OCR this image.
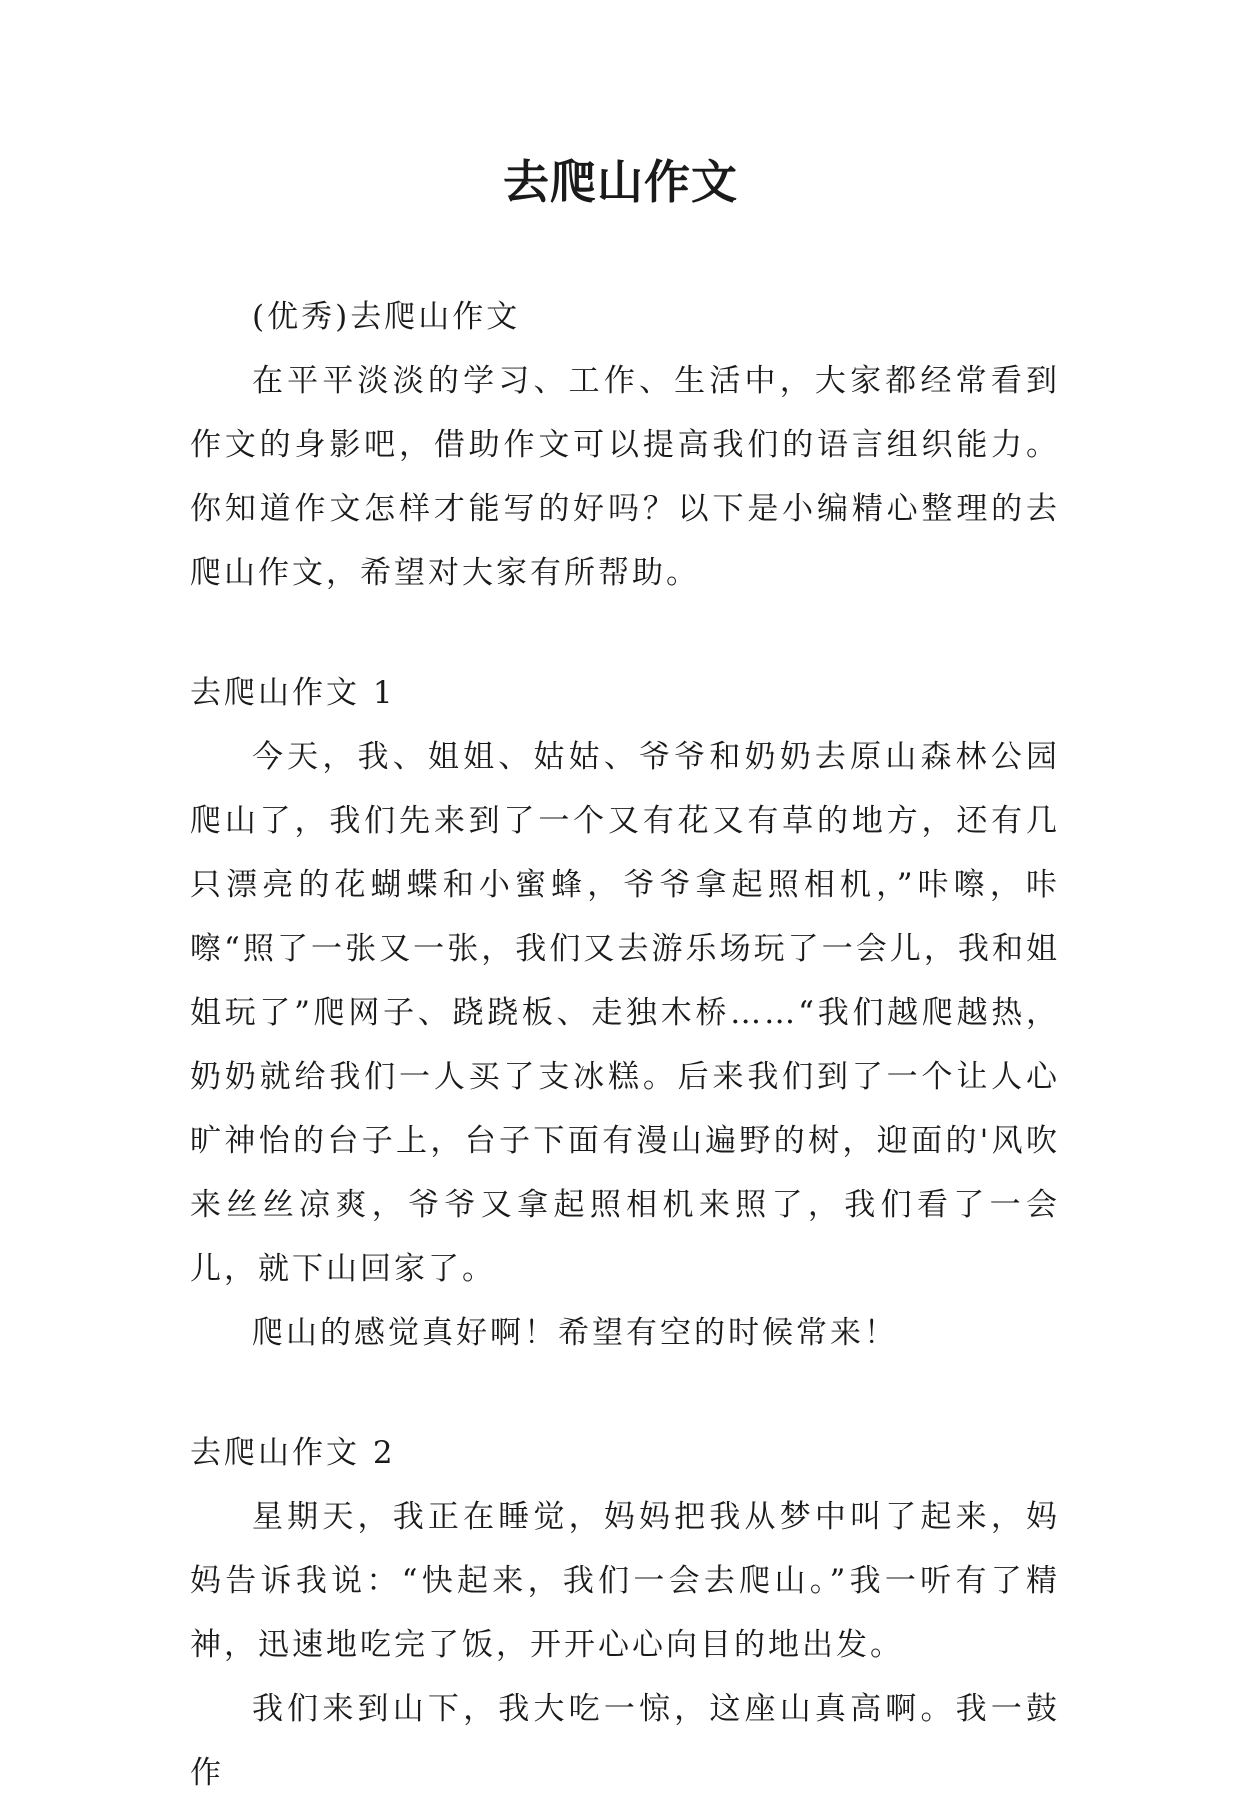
去爬山作文

(优秀)去爬山作文

在平平淡淡的学习、工作、生活中，大家都经常看到作文的身影吧，借助作文可以提高我们的语言组织能力。你知道作文怎样才能写的好吗？以下是小编精心整理的去爬山作文，希望对大家有所帮助。

去爬山作文 1

今天，我、姐姐、姑姑、爷爷和奶奶去原山森林公园爬山了，我们先来到了一个又有花又有草的地方，还有几只漂亮的花蝴蝶和小蜜蜂，爷爷拿起照相机，”咔嚓，咔嚓“照了一张又一张，我们又去游乐场玩了一会儿，我和姐姐玩了”爬网子、跷跷板、走独木桥……“我们越爬越热，奶奶就给我们一人买了支冰糕。后来我们到了一个让人心旷神怡的台子上，台子下面有漫山遍野的树，迎面的'风吹来丝丝凉爽，爷爷又拿起照相机来照了，我们看了一会儿，就下山回家了。

爬山的感觉真好啊！希望有空的时候常来！

去爬山作文 2

星期天，我正在睡觉，妈妈把我从梦中叫了起来，妈妈告诉我说：“快起来，我们一会去爬山。”我一听有了精神，迅速地吃完了饭，开开心心向目的地出发。

我们来到山下，我大吃一惊，这座山真高啊。我一鼓作
